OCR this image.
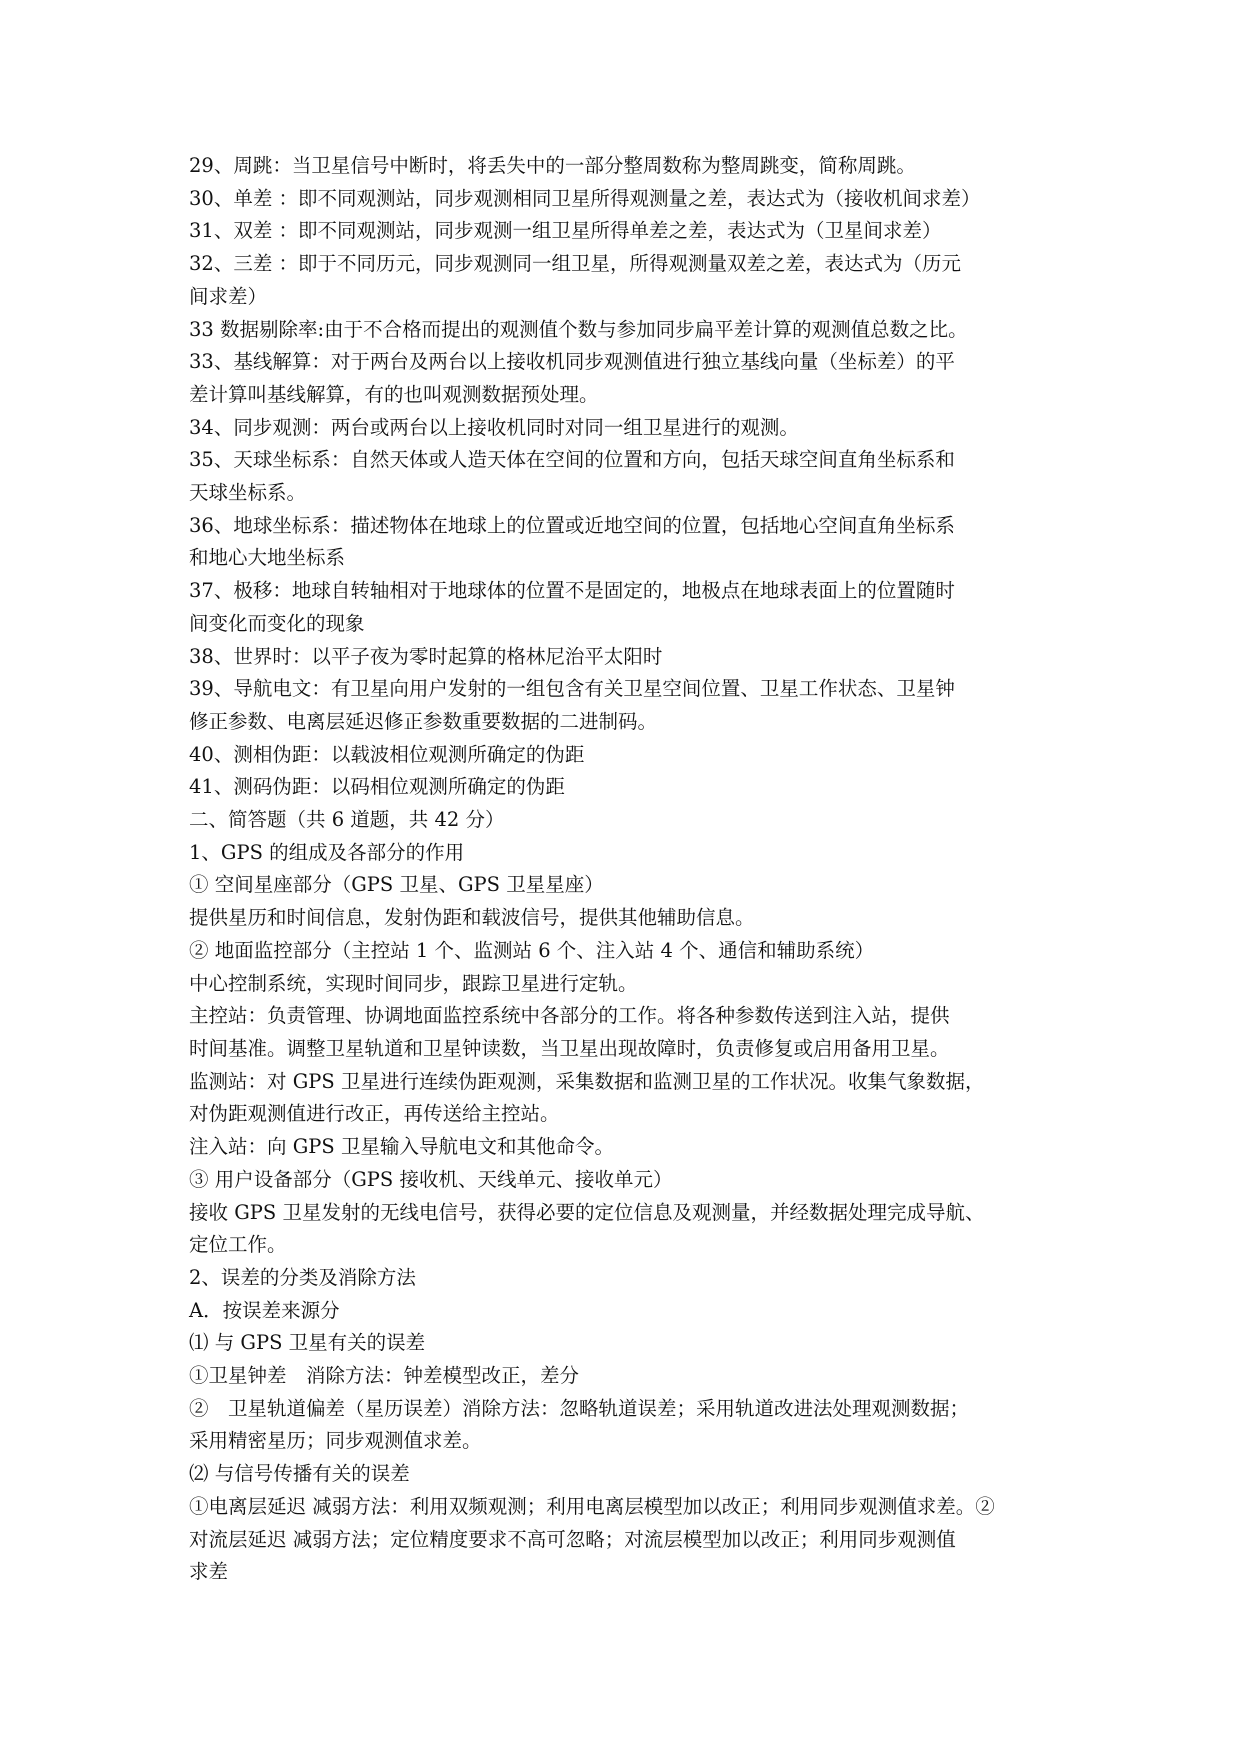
29、周跳：当卫星信号中断时，将丢失中的一部分整周数称为整周跳变，简称周跳。
30、单差 ：即不同观测站，同步观测相同卫星所得观测量之差，表达式为（接收机间求差）
31、双差 ：即不同观测站，同步观测一组卫星所得单差之差，表达式为（卫星间求差）
32、三差 ：即于不同历元，同步观测同一组卫星，所得观测量双差之差，表达式为（历元
间求差）
33 数据剔除率:由于不合格而提出的观测值个数与参加同步扁平差计算的观测值总数之比。
33、基线解算：对于两台及两台以上接收机同步观测值进行独立基线向量（坐标差）的平
差计算叫基线解算，有的也叫观测数据预处理。
34、同步观测：两台或两台以上接收机同时对同一组卫星进行的观测。
35、天球坐标系：自然天体或人造天体在空间的位置和方向，包括天球空间直角坐标系和
天球坐标系。
36、地球坐标系：描述物体在地球上的位置或近地空间的位置，包括地心空间直角坐标系
和地心大地坐标系
37、极移：地球自转轴相对于地球体的位置不是固定的，地极点在地球表面上的位置随时
间变化而变化的现象
38、世界时：以平子夜为零时起算的格林尼治平太阳时
39、导航电文：有卫星向用户发射的一组包含有关卫星空间位置、卫星工作状态、卫星钟
修正参数、电离层延迟修正参数重要数据的二进制码。
40、测相伪距：以载波相位观测所确定的伪距
41、测码伪距：以码相位观测所确定的伪距
二、简答题（共 6 道题，共 42 分）
1、GPS 的组成及各部分的作用
① 空间星座部分（GPS 卫星、GPS 卫星星座）
提供星历和时间信息，发射伪距和载波信号，提供其他辅助信息。
② 地面监控部分（主控站 1 个、监测站 6 个、注入站 4 个、通信和辅助系统）
中心控制系统，实现时间同步，跟踪卫星进行定轨。
主控站：负责管理、协调地面监控系统中各部分的工作。将各种参数传送到注入站，提供
时间基准。调整卫星轨道和卫星钟读数，当卫星出现故障时，负责修复或启用备用卫星。
监测站：对 GPS 卫星进行连续伪距观测，采集数据和监测卫星的工作状况。收集气象数据，
对伪距观测值进行改正，再传送给主控站。
注入站：向 GPS 卫星输入导航电文和其他命令。
③ 用户设备部分（GPS 接收机、天线单元、接收单元）
接收 GPS 卫星发射的无线电信号，获得必要的定位信息及观测量，并经数据处理完成导航、
定位工作。
2、误差的分类及消除方法
A．按误差来源分
⑴ 与 GPS 卫星有关的误差
①卫星钟差　消除方法：钟差模型改正，差分
②　卫星轨道偏差（星历误差）消除方法：忽略轨道误差；采用轨道改进法处理观测数据；
采用精密星历；同步观测值求差。
⑵ 与信号传播有关的误差
①电离层延迟 减弱方法：利用双频观测；利用电离层模型加以改正；利用同步观测值求差。②
对流层延迟 减弱方法；定位精度要求不高可忽略；对流层模型加以改正；利用同步观测值
求差
